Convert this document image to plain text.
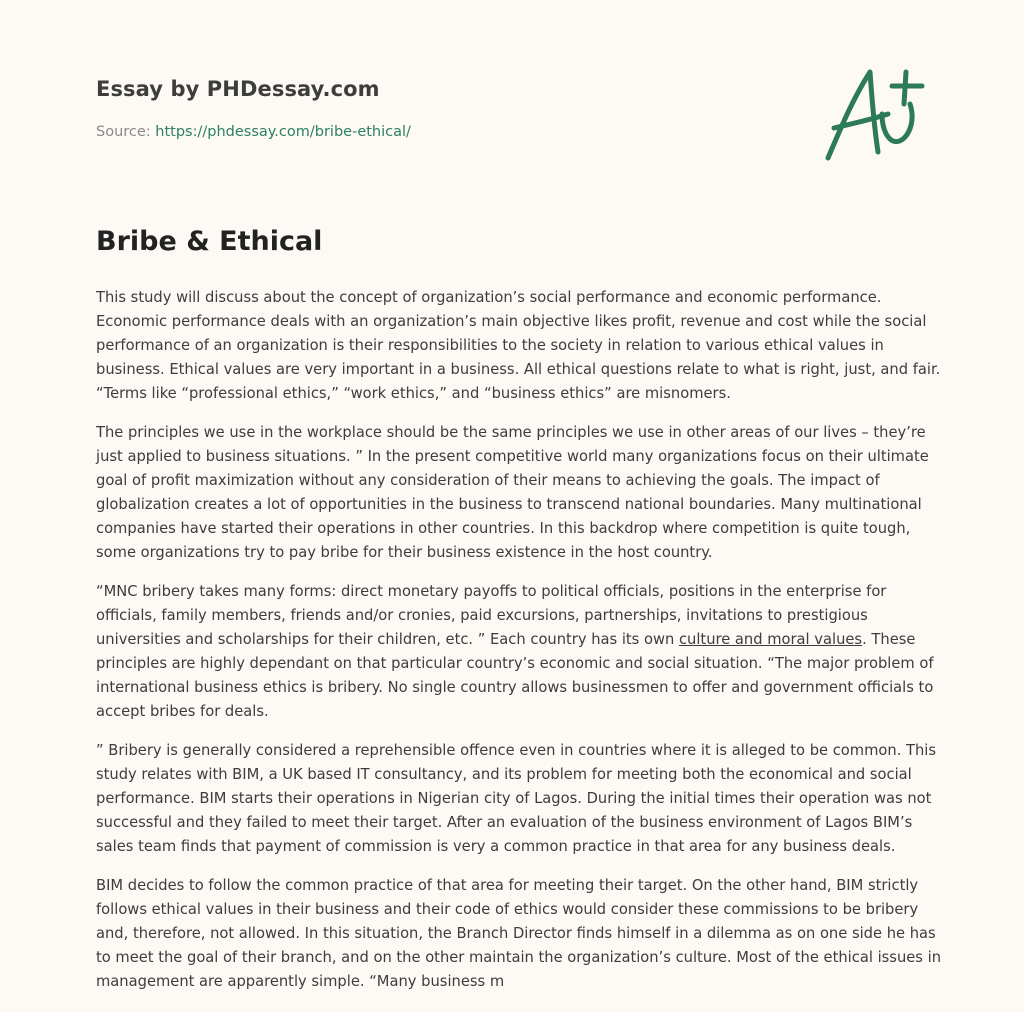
Essay by PHDessay.com
Source: https://phdessay.com/bribe-ethical/
Bribe & Ethical

This study will discuss about the concept of organization’s social performance and economic performance. Economic performance deals with an organization’s main objective likes profit, revenue and cost while the social performance of an organization is their responsibilities to the society in relation to various ethical values in business. Ethical values are very important in a business. All ethical questions relate to what is right, just, and fair. “Terms like “professional ethics,” “work ethics,” and “business ethics” are misnomers.

The principles we use in the workplace should be the same principles we use in other areas of our lives – they’re just applied to business situations. ” In the present competitive world many organizations focus on their ultimate goal of profit maximization without any consideration of their means to achieving the goals. The impact of globalization creates a lot of opportunities in the business to transcend national boundaries. Many multinational companies have started their operations in other countries. In this backdrop where competition is quite tough, some organizations try to pay bribe for their business existence in the host country.

“MNC bribery takes many forms: direct monetary payoffs to political officials, positions in the enterprise for officials, family members, friends and/or cronies, paid excursions, partnerships, invitations to prestigious universities and scholarships for their children, etc. ” Each country has its own culture and moral values. These principles are highly dependant on that particular country’s economic and social situation. “The major problem of international business ethics is bribery. No single country allows businessmen to offer and government officials to accept bribes for deals.

” Bribery is generally considered a reprehensible offence even in countries where it is alleged to be common. This study relates with BIM, a UK based IT consultancy, and its problem for meeting both the economical and social performance. BIM starts their operations in Nigerian city of Lagos. During the initial times their operation was not successful and they failed to meet their target. After an evaluation of the business environment of Lagos BIM’s sales team finds that payment of commission is very a common practice in that area for any business deals.

BIM decides to follow the common practice of that area for meeting their target. On the other hand, BIM strictly follows ethical values in their business and their code of ethics would consider these commissions to be bribery and, therefore, not allowed. In this situation, the Branch Director finds himself in a dilemma as on one side he has to meet the goal of their branch, and on the other maintain the organization’s culture. Most of the ethical issues in management are apparently simple. “Many business m
